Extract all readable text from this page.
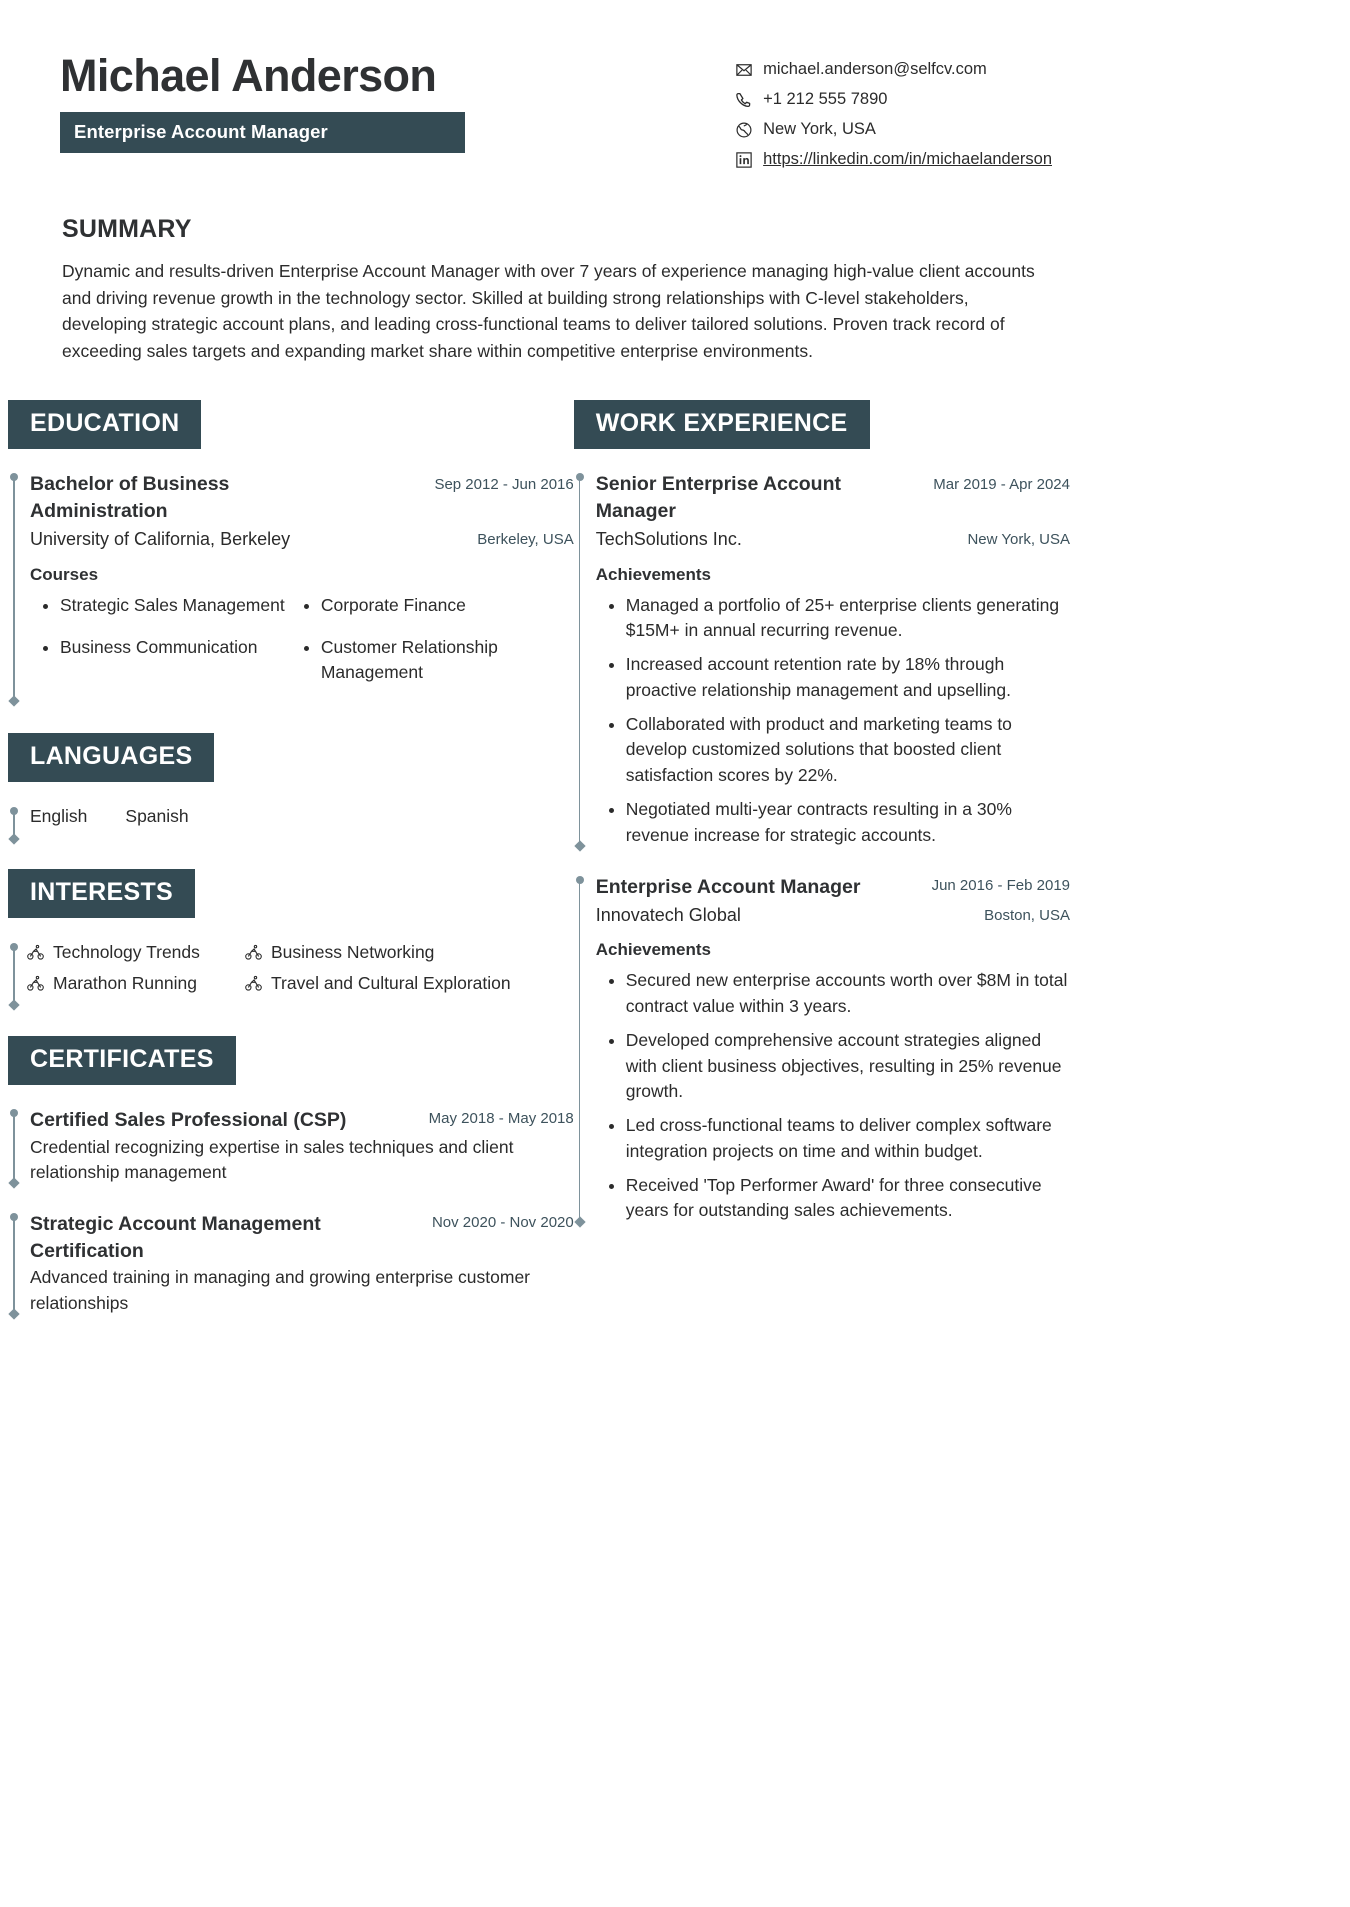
Michael Anderson
Enterprise Account Manager
michael.anderson@selfcv.com
+1 212 555 7890
New York, USA
https://linkedin.com/in/michaelanderson
SUMMARY
Dynamic and results-driven Enterprise Account Manager with over 7 years of experience managing high-value client accounts and driving revenue growth in the technology sector. Skilled at building strong relationships with C-level stakeholders, developing strategic account plans, and leading cross-functional teams to deliver tailored solutions. Proven track record of exceeding sales targets and expanding market share within competitive enterprise environments.
EDUCATION
Bachelor of Business Administration
Sep 2012 - Jun 2016
University of California, Berkeley	Berkeley, USA
Courses
• Strategic Sales Management	• Corporate Finance
• Business Communication	• Customer Relationship Management
LANGUAGES
English Spanish
INTERESTS
Technology Trends	Business Networking
Marathon Running	Travel and Cultural Exploration
CERTIFICATES
Certified Sales Professional (CSP)	May 2018 - May 2018
Credential recognizing expertise in sales techniques and client relationship management
Strategic Account Management Certification
Nov 2020 - Nov 2020
Advanced training in managing and growing enterprise customer relationships
WORK EXPERIENCE
Senior Enterprise Account Manager
Mar 2019 - Apr 2024
TechSolutions Inc.	New York, USA
Achievements
• Managed a portfolio of 25+ enterprise clients generating $15M+ in annual recurring revenue.
• Increased account retention rate by 18% through proactive relationship management and upselling.
• Collaborated with product and marketing teams to develop customized solutions that boosted client satisfaction scores by 22%.
• Negotiated multi-year contracts resulting in a 30% revenue increase for strategic accounts.
Enterprise Account Manager	Jun 2016 - Feb 2019
Innovatech Global	Boston, USA
Achievements
• Secured new enterprise accounts worth over $8M in total contract value within 3 years.
• Developed comprehensive account strategies aligned with client business objectives, resulting in 25% revenue growth.
• Led cross-functional teams to deliver complex software integration projects on time and within budget.
• Received 'Top Performer Award' for three consecutive years for outstanding sales achievements.
